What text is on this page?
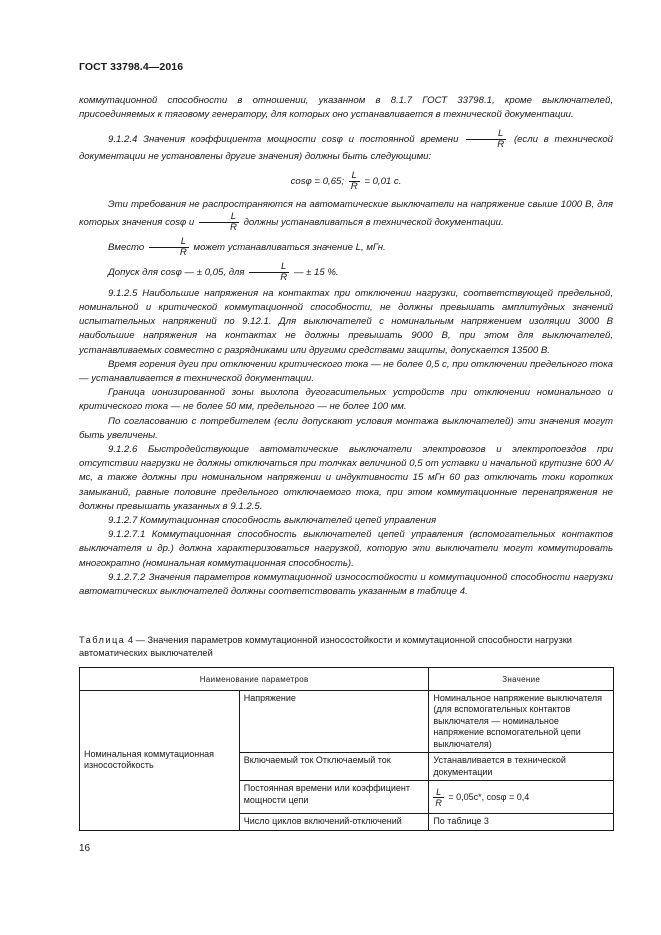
ГОСТ 33798.4—2016

коммутационной способности в отношении, указанном в 8.1.7 ГОСТ 33798.1, кроме выключателей, присоединяемых к тяговому генератору, для которых оно устанавливается в технической документации.

9.1.2.4 Значения коэффициента мощности cosφ и постоянной времени $\frac{L}{R}$ (если в технической документации не установлены другие значения) должны быть следующими:

cosφ = 0,65; $\frac{L}{R} = 0,01$ с.

Эти требования не распространяются на автоматические выключатели на напряжение свыше 1000 В, для которых значения cosφ и $\frac{L}{R}$ должны устанавливаться в технической документации.

Вместо $\frac{L}{R}$ может устанавливаться значение L, мГн.

Допуск для cosφ — ± 0,05, для $\frac{L}{R}$ — ± 15 %.

9.1.2.5 Наибольшие напряжения на контактах при отключении нагрузки, соответствующей предельной, номинальной и критической коммутационной способности, не должны превышать амплитудных значений испытательных напряжений по 9.12.1. Для выключателей с номинальным напряжением изоляции 3000 В наибольшие напряжения на контактах не должны превышать 9000 В, при этом для выключателей, устанавливаемых совместно с разрядниками или другими средствами защиты, допускается 13500 В.

Время горения дуги при отключении критического тока — не более 0,5 с, при отключении предельного тока — устанавливается в технической документации.

Граница ионизированной зоны выхлопа дугогасительных устройств при отключении номинального и критического тока — не более 50 мм, предельного — не более 100 мм.

По согласованию с потребителем (если допускают условия монтажа выключателей) эти значения могут быть увеличены.

9.1.2.6 Быстродействующие автоматические выключатели электровозов и электропоездов при отсутствии нагрузки не должны отключаться при толчках величиной 0,5 от уставки и начальной крутизне 600 А/мс, а также должны при номинальном напряжении и индуктивности 15 мГн 60 раз отключать токи коротких замыканий, равные половине предельного отключаемого тока, при этом коммутационные перенапряжения не должны превышать указанных в 9.1.2.5.

9.1.2.7 Коммутационная способность выключателей цепей управления

9.1.2.7.1 Коммутационная способность выключателей цепей управления (вспомогательных контактов выключателя и др.) должна характеризоваться нагрузкой, которую эти выключатели могут коммутировать многократно (номинальная коммутационная способность).

9.1.2.7.2 Значения параметров коммутационной износостойкости и коммутационной способности нагрузки автоматических выключателей должны соответствовать указанным в таблице 4.

Таблица 4 — Значения параметров коммутационной износостойкости и коммутационной способности нагрузки автоматических выключателей
Наименование параметров		Значение
Номинальная коммутационная износостойкость	Напряжение	Номинальное напряжение выключателя (для вспомогательных контактов выключателя — номинальное напряжение вспомогательной цепи выключателя)
	Включаемый ток Отключаемый ток	Устанавливается в технической документации
	Постоянная времени или коэффициент мощности цепи	$\frac{L}{R} = 0,05с*$, cosφ = 0,4
	Число циклов включений-отключений	По таблице 3
16
